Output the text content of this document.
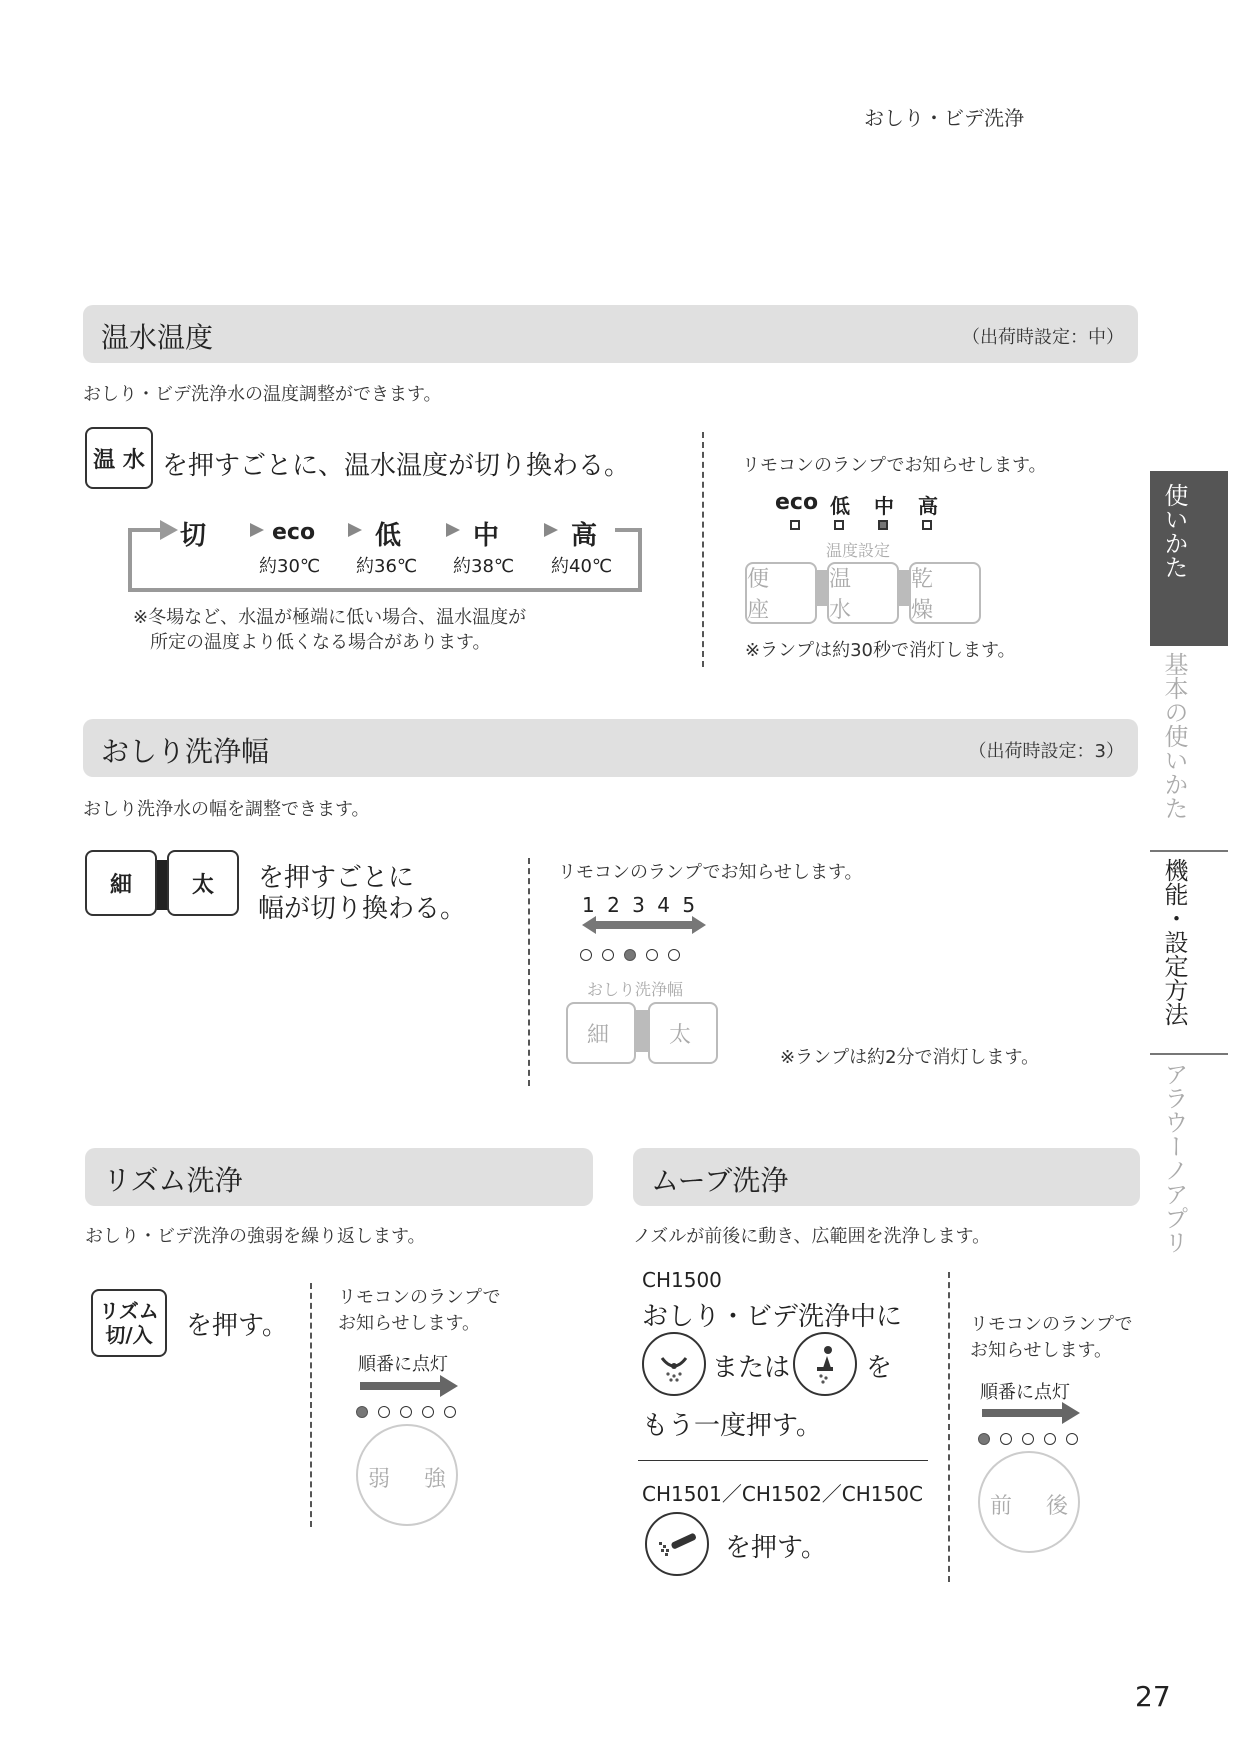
おしり・ビデ洗浄
温水温度	（出荷時設定：中）
おしり・ビデ洗浄水の温度調整ができます。
温 水 を押すごとに、温水温度が切り換わる。
切	eco 低	中	高
約30℃ 約36℃ 約38℃ 約40℃
※冬場など、水温が極端に低い場合、温水温度が
所定の温度より低くなる場合があります。
リモコンのランプでお知らせします。
eco 低 中 高
温度設定
便 座
温 水
乾 燥
※ランプは約30秒で消灯します。
おしり洗浄幅	（出荷時設定：3）
おしり洗浄水の幅を調整できます。
細	太	を押すごとに
幅が切り換わる。
リモコンのランプでお知らせします。
1 2 3 4 5
おしり洗浄幅
細	太
※ランプは約2分で消灯します。
リズム洗浄
おしり・ビデ洗浄の強弱を繰り返します。
リズム
切/入 を押す。
リモコンのランプで
お知らせします。
順番に点灯
弱 強
ムーブ洗浄
ノズルが前後に動き、広範囲を洗浄します。
CH1500
おしり・ビデ洗浄中に
または	を
もう一度押す。
CH1501／CH1502／CH150C
を押す。
リモコンのランプで
お知らせします。
順番に点灯
前 後
使いかた
基本の使いかた
機能・設定方法
アラウーノアプリ
27
